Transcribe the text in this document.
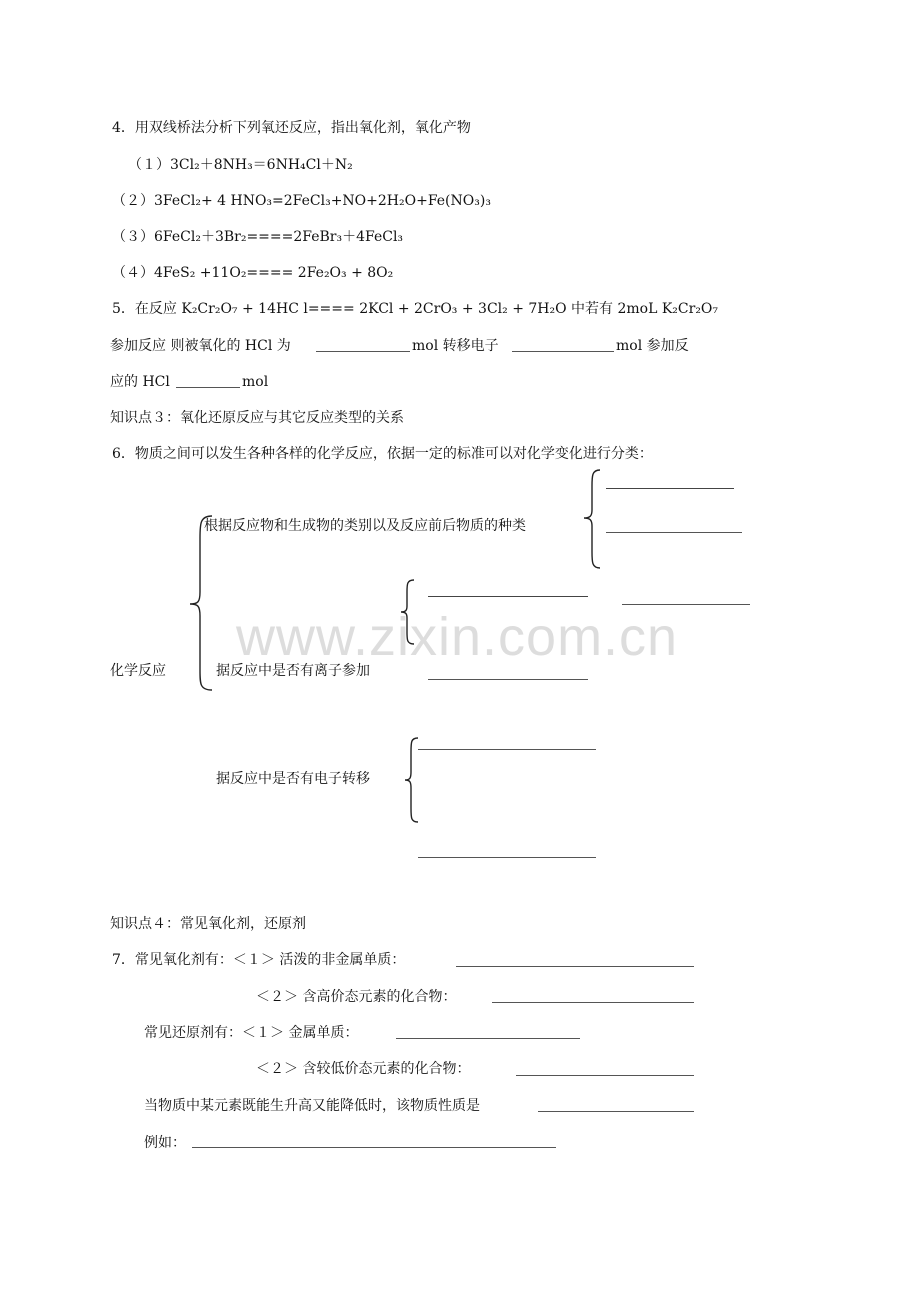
4．用双线桥法分析下列氧还反应，指出氧化剂，氧化产物
（１）3Cl₂＋8NH₃＝6NH₄Cl＋N₂
（２）3FeCl₂+ 4 HNO₃=2FeCl₃+NO+2H₂O+Fe(NO₃)₃
（３）6FeCl₂＋3Br₂====2FeBr₃＋4FeCl₃
（４）4FeS₂ +11O₂==== 2Fe₂O₃ + 8O₂
5．在反应 K₂Cr₂O₇ + 14HC l==== 2KCl + 2CrO₃ + 3Cl₂ + 7H₂O 中若有 2moL K₂Cr₂O₇
参加反应 则被氧化的 HCl 为	mol 转移电子	mol 参加反
应的 HCl	mol
知识点３：氧化还原反应与其它反应类型的关系
6．物质之间可以发生各种各样的化学反应，依据一定的标准可以对化学变化进行分类：
根据反应物和生成物的类别以及反应前后物质的种类
化学反应	据反应中是否有离子参加
据反应中是否有电子转移
www.zixin.com.cn
知识点４：常见氧化剂，还原剂
7．常见氧化剂有：＜１＞ 活泼的非金属单质：
＜２＞ 含高价态元素的化合物：
常见还原剂有：＜１＞ 金属单质：
＜２＞ 含较低价态元素的化合物：
当物质中某元素既能生升高又能降低时，该物质性质是
例如：
